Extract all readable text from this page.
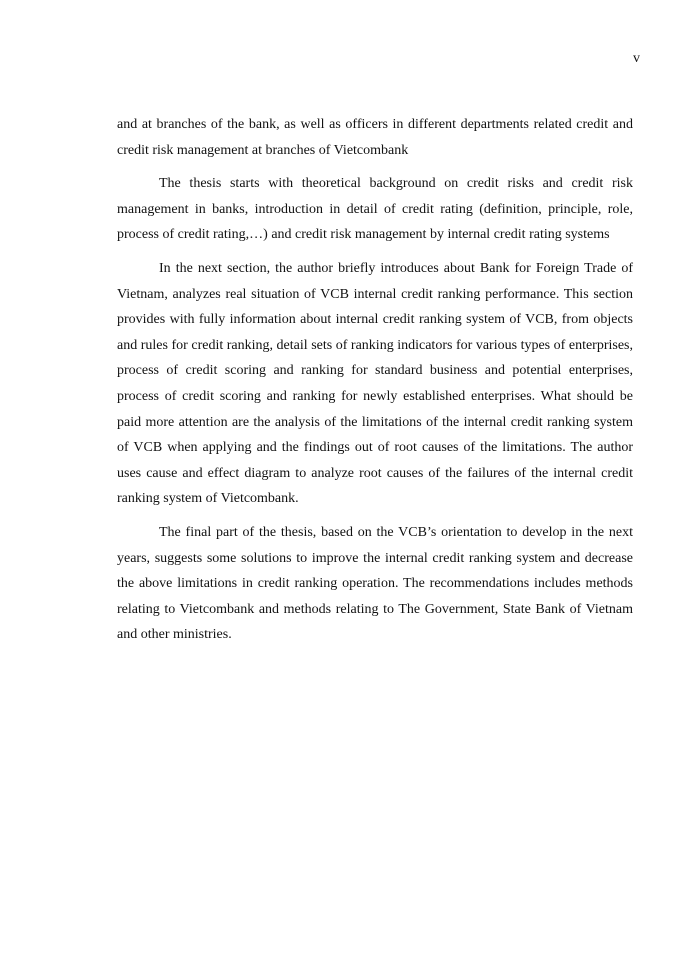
v

and at branches of the bank, as well as officers in different departments related credit and credit risk management at branches of Vietcombank

The thesis starts with theoretical background on credit risks and credit risk management in banks, introduction in detail of credit rating (definition, principle, role, process of credit rating,…) and credit risk management by internal credit rating systems

In the next section, the author briefly introduces about Bank for Foreign Trade of Vietnam, analyzes real situation of VCB internal credit ranking performance. This section provides with fully information about internal credit ranking system of VCB, from objects and rules for credit ranking, detail sets of ranking indicators for various types of enterprises, process of credit scoring and ranking for standard business and potential enterprises, process of credit scoring and ranking for newly established enterprises. What should be paid more attention are the analysis of the limitations of the internal credit ranking system of VCB when applying and the findings out of root causes of the limitations. The author uses cause and effect diagram to analyze root causes of the failures of the internal credit ranking system of Vietcombank.

The final part of the thesis, based on the VCB’s orientation to develop in the next years, suggests some solutions to improve the internal credit ranking system and decrease the above limitations in credit ranking operation. The recommendations includes methods relating to Vietcombank and methods relating to The Government, State Bank of Vietnam and other ministries.
